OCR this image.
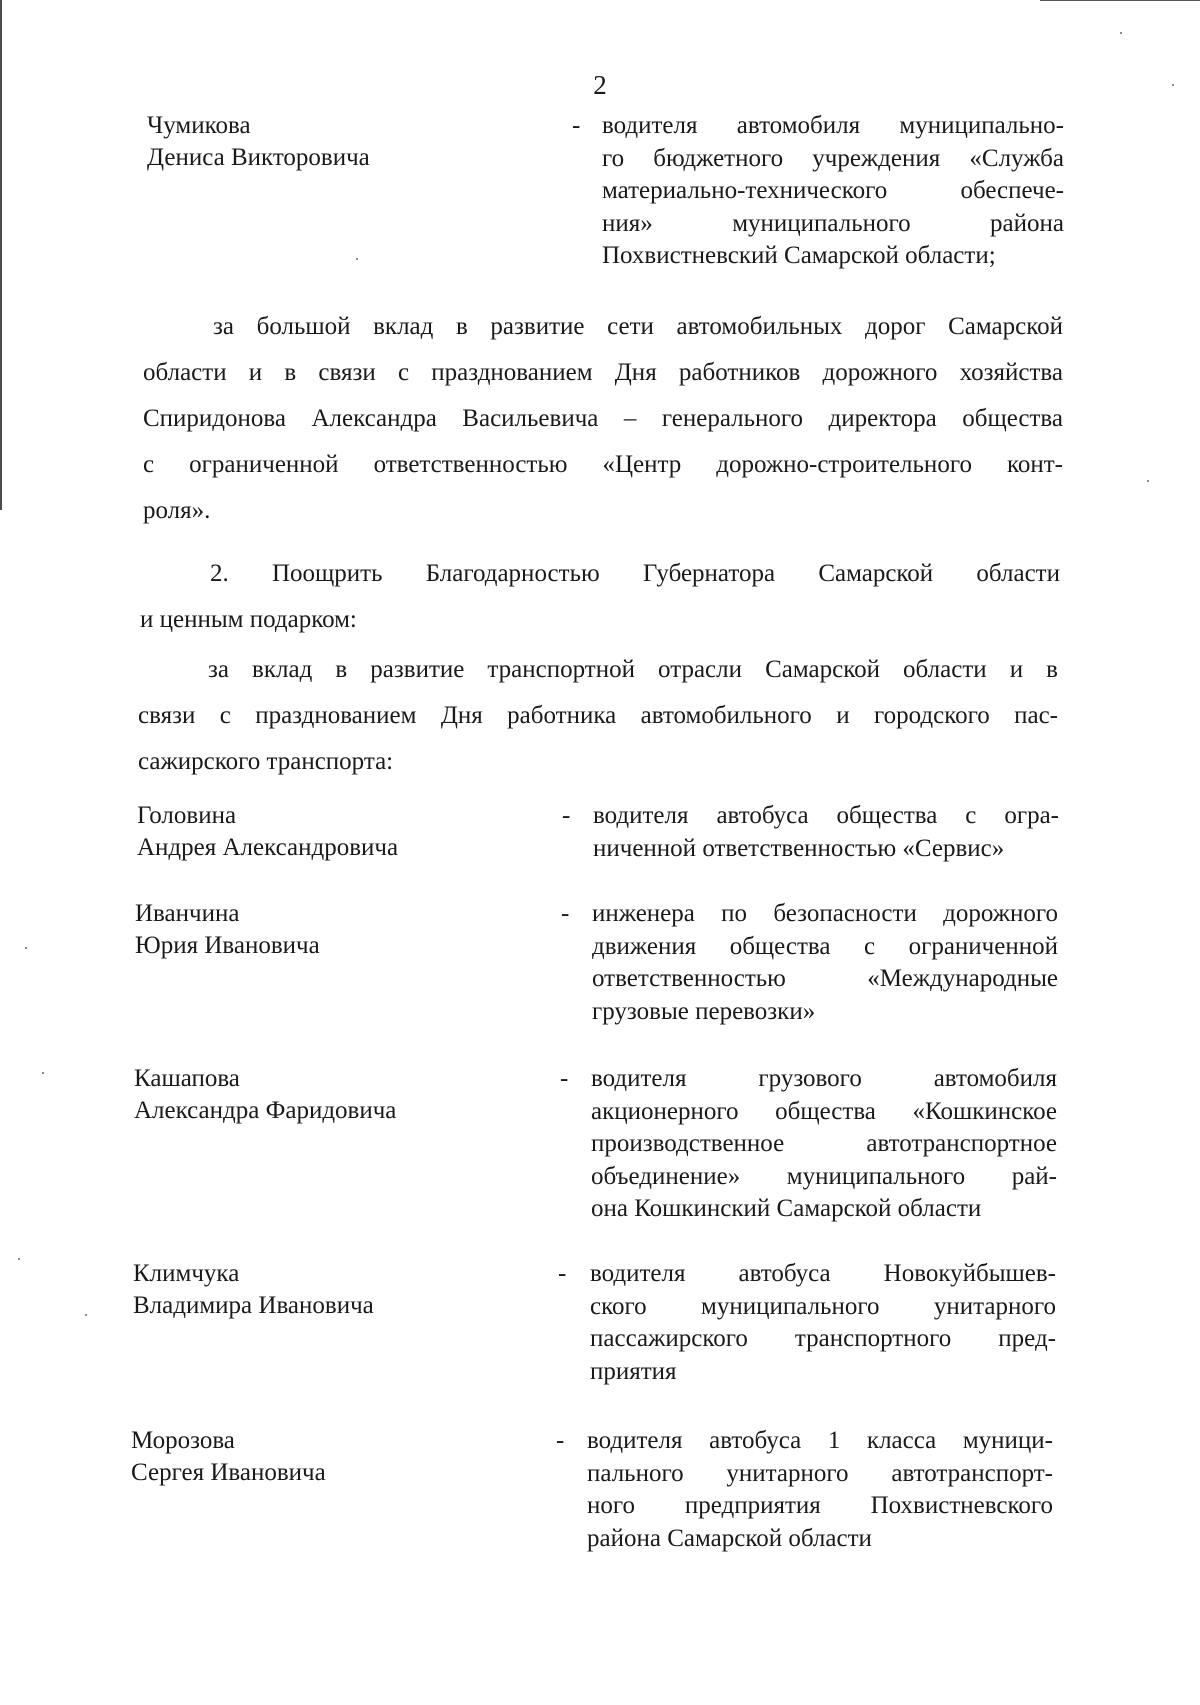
2
Чумикова
Дениса Викторовича
- водителя автомобиля муниципально-
го бюджетного учреждения «Служба
материально-технического обеспече-
ния» муниципального района
Похвистневский Самарской области;
за большой вклад в развитие сети автомобильных дорог Самарской
области и в связи с празднованием Дня работников дорожного хозяйства
Спиридонова Александра Васильевича – генерального директора общества
с ограниченной ответственностью «Центр дорожно-строительного конт-
роля».
2. Поощрить Благодарностью Губернатора Самарской области
и ценным подарком:
за вклад в развитие транспортной отрасли Самарской области и в
связи с празднованием Дня работника автомобильного и городского пас-
сажирского транспорта:
Головина
Андрея Александровича
- водителя автобуса общества с огра-
ниченной ответственностью «Сервис»
Иванчина
Юрия Ивановича
- инженера по безопасности дорожного
движения общества с ограниченной
ответственностью «Международные
грузовые перевозки»
Кашапова
Александра Фаридовича
- водителя грузового автомобиля
акционерного общества «Кошкинское
производственное автотранспортное
объединение» муниципального рай-
она Кошкинский Самарской области
Климчука
Владимира Ивановича
- водителя автобуса Новокуйбышев-
ского муниципального унитарного
пассажирского транспортного пред-
приятия
Морозова
Сергея Ивановича
- водителя автобуса 1 класса муници-
пального унитарного автотранспорт-
ного предприятия Похвистневского
района Самарской области
